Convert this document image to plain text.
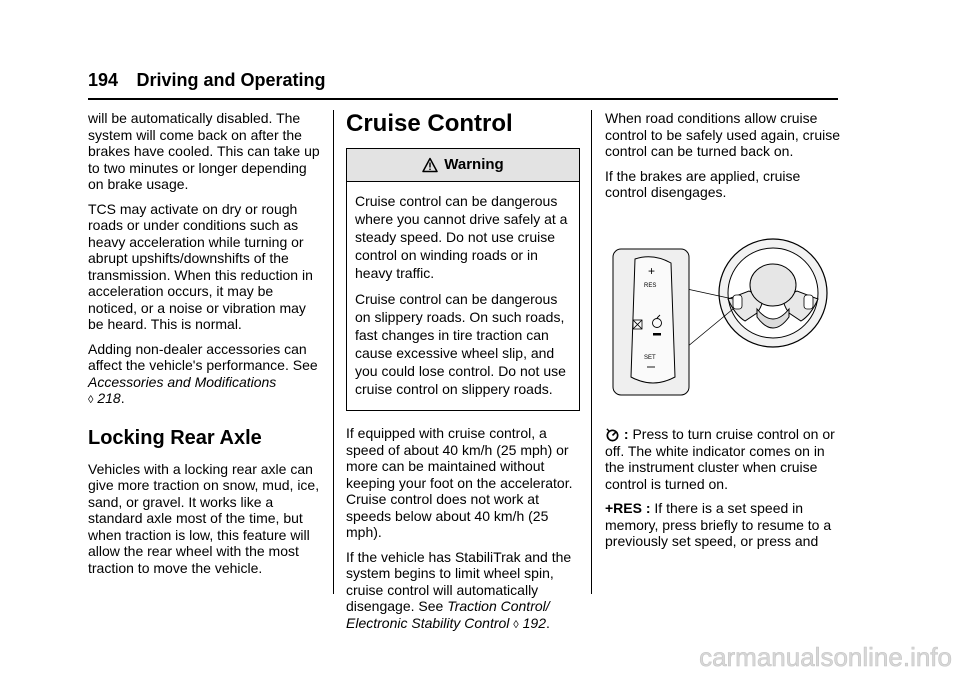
194 Driving and Operating

will be automatically disabled. The system will come back on after the brakes have cooled. This can take up to two minutes or longer depending on brake usage.

TCS may activate on dry or rough roads or under conditions such as heavy acceleration while turning or abrupt upshifts/downshifts of the transmission. When this reduction in acceleration occurs, it may be noticed, or a noise or vibration may be heard. This is normal.

Adding non-dealer accessories can affect the vehicle's performance. See Accessories and Modifications
◊ 218.

Locking Rear Axle

Vehicles with a locking rear axle can give more traction on snow, mud, ice, sand, or gravel. It works like a standard axle most of the time, but when traction is low, this feature will allow the rear wheel with the most traction to move the vehicle.

Cruise Control
Warning

Cruise control can be dangerous where you cannot drive safely at a steady speed. Do not use cruise control on winding roads or in heavy traffic.

Cruise control can be dangerous on slippery roads. On such roads, fast changes in tire traction can cause excessive wheel slip, and you could lose control. Do not use cruise control on slippery roads.

If equipped with cruise control, a speed of about 40 km/h (25 mph) or more can be maintained without keeping your foot on the accelerator. Cruise control does not work at speeds below about 40 km/h (25 mph).

If the vehicle has StabiliTrak and the system begins to limit wheel spin, cruise control will automatically disengage. See Traction Control/ Electronic Stability Control ◊ 192.

When road conditions allow cruise control to be safely used again, cruise control can be turned back on.

If the brakes are applied, cruise control disengages.

+
RES
SET

: Press to turn cruise control on or off. The white indicator comes on in the instrument cluster when cruise control is turned on.

+RES : If there is a set speed in memory, press briefly to resume to a previously set speed, or press and

carmanualsonline.info
